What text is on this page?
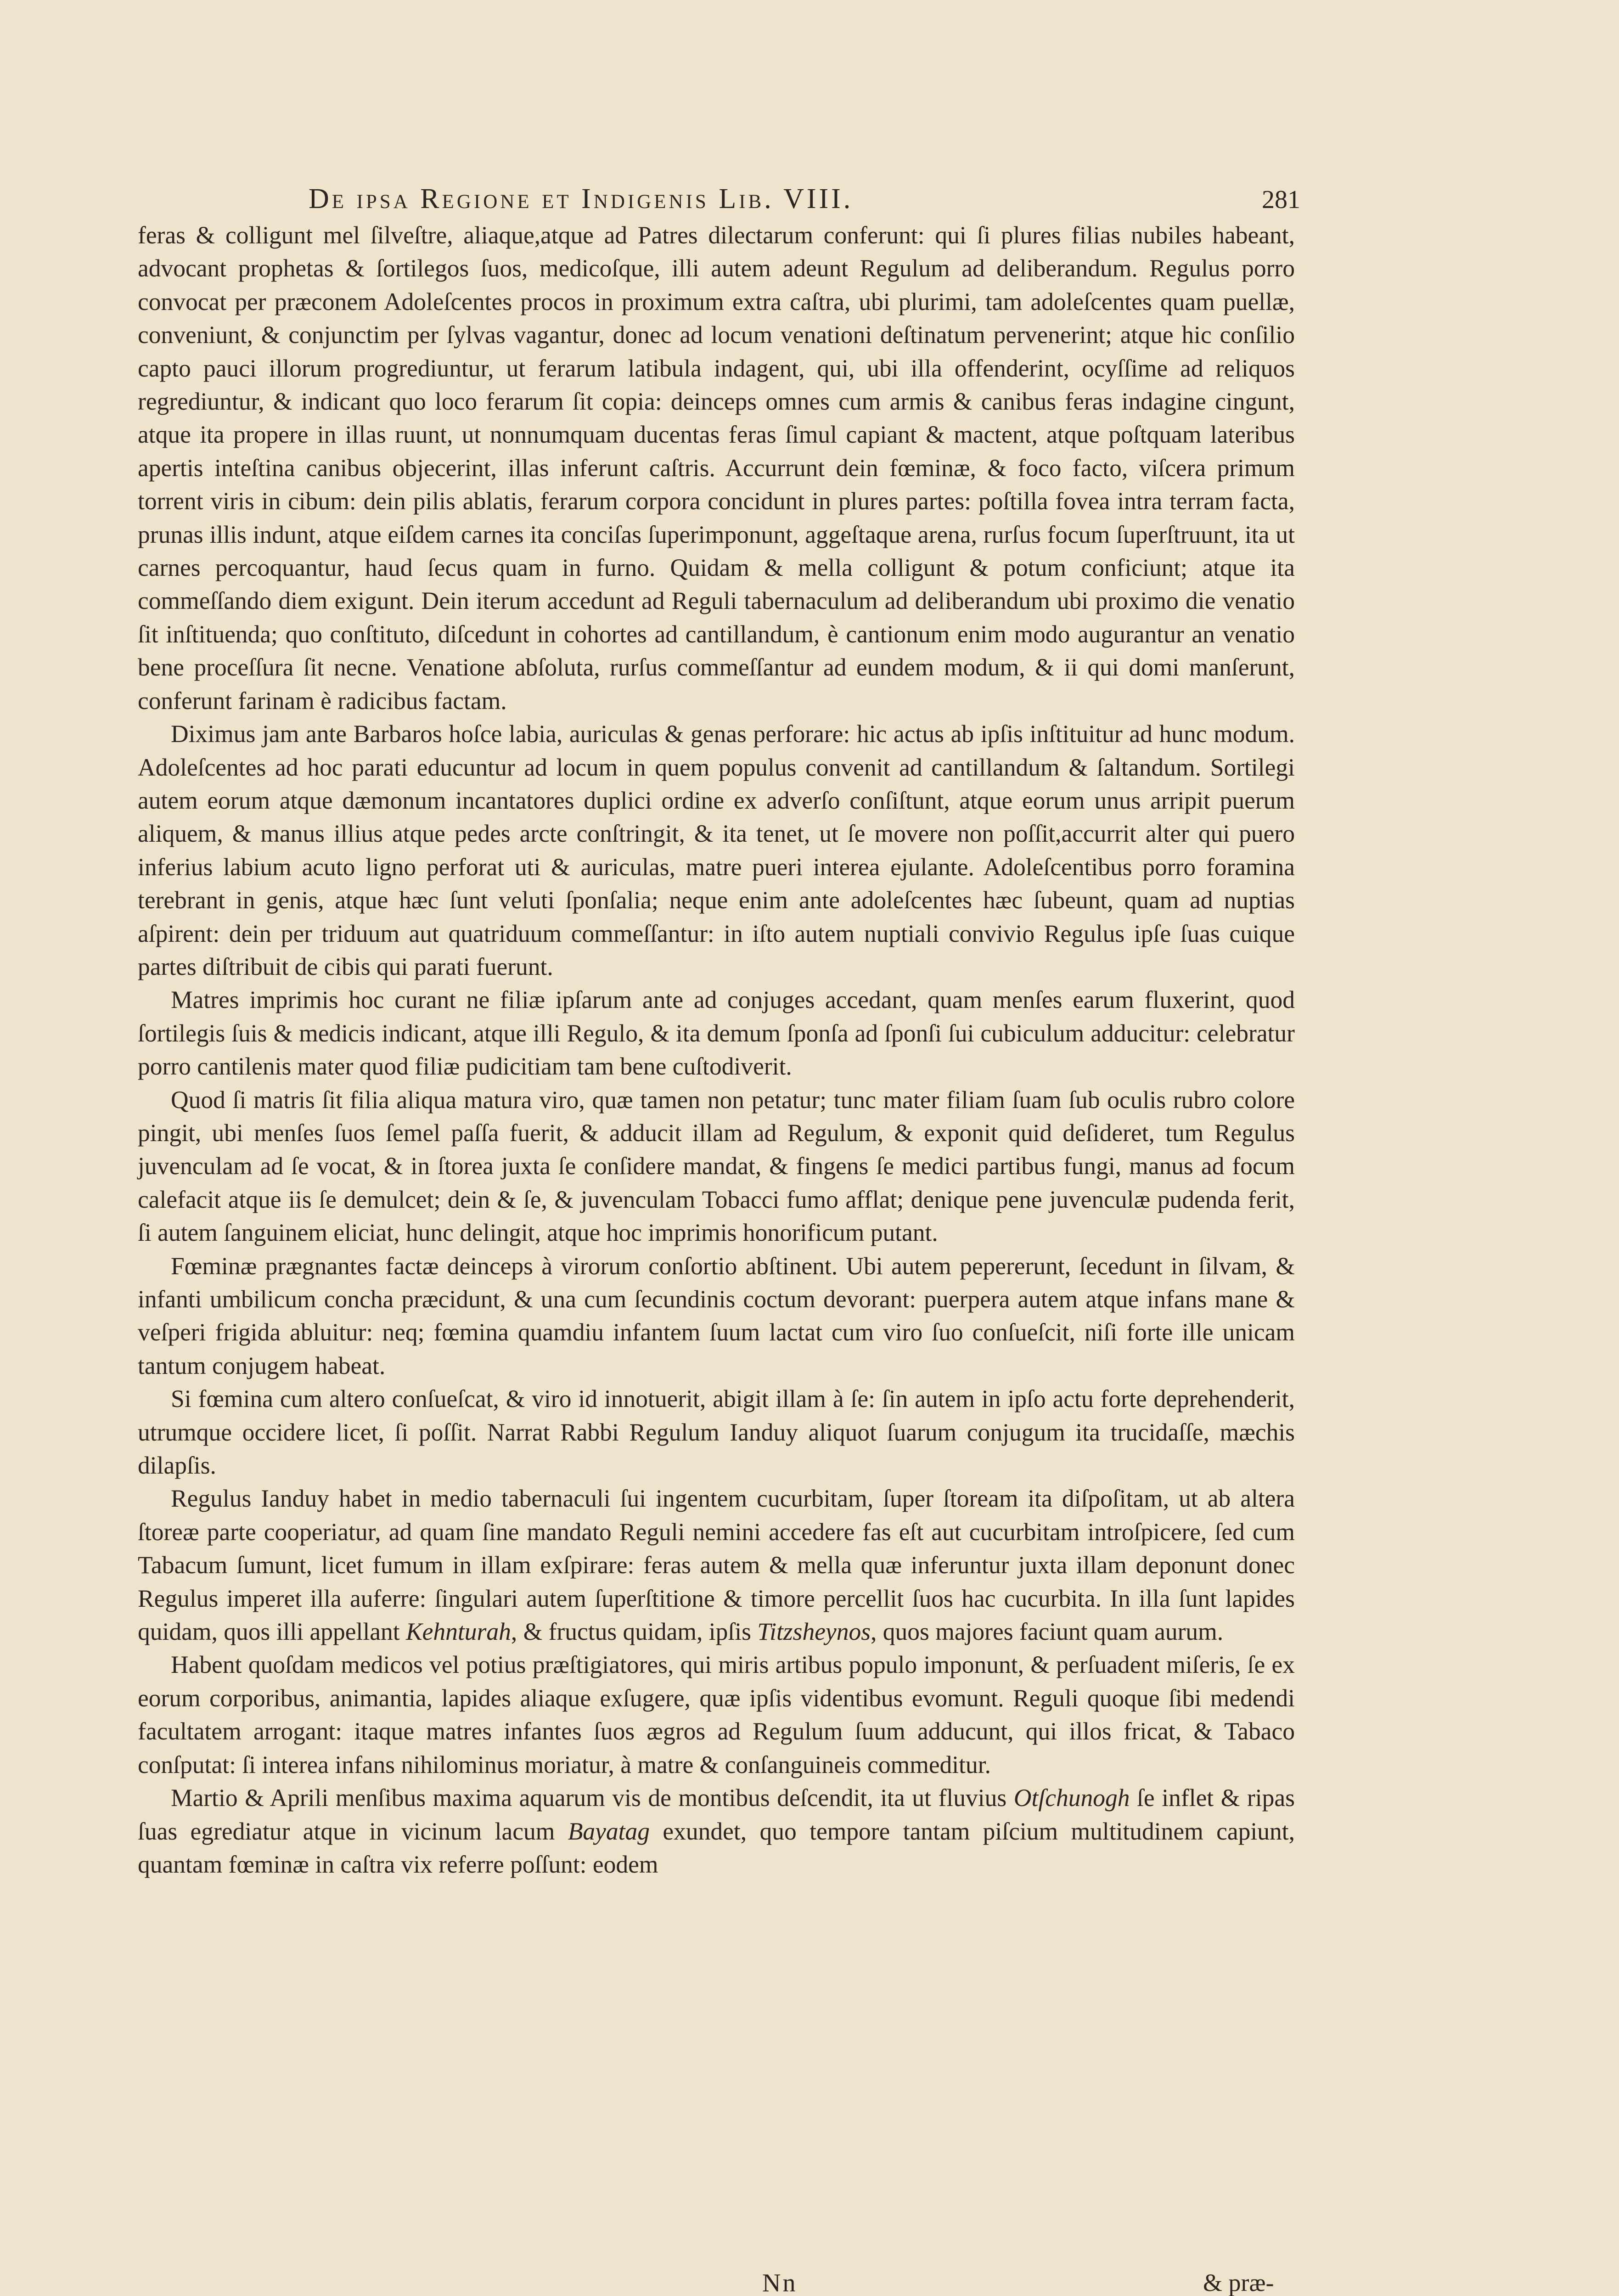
De ipsa Regione et Indigenis Lib. VIII.	281

feras & colligunt mel ſilveſtre, aliaque,atque ad Patres dilectarum conferunt: qui ſi plures filias nubiles habeant, advocant prophetas & ſortilegos ſuos, medicoſque, illi autem adeunt Regulum ad deliberandum. Regulus porro convocat per præconem Adoleſcentes procos in proximum extra caſtra, ubi plurimi, tam adoleſcentes quam puellæ, conveniunt, & conjunctim per ſylvas vagantur, donec ad locum venationi deſtinatum pervenerint; atque hic conſilio capto pauci illorum progrediuntur, ut ferarum latibula indagent, qui, ubi illa offenderint, ocyſſime ad reliquos regrediuntur, & indicant quo loco ferarum ſit copia: deinceps omnes cum armis & canibus feras indagine cingunt, atque ita propere in illas ruunt, ut nonnumquam ducentas feras ſimul capiant & mactent, atque poſtquam lateribus apertis inteſtina canibus objecerint, illas inferunt caſtris. Accurrunt dein fœminæ, & foco facto, viſcera primum torrent viris in cibum: dein pilis ablatis, ferarum corpora concidunt in plures partes: poſtilla fovea intra terram facta, prunas illis indunt, atque eiſdem carnes ita conciſas ſuperimponunt, aggeſtaque arena, rurſus focum ſuperſtruunt, ita ut carnes percoquantur, haud ſecus quam in furno. Quidam & mella colligunt & potum conficiunt; atque ita commeſſando diem exigunt. Dein iterum accedunt ad Reguli tabernaculum ad deliberandum ubi proximo die venatio ſit inſtituenda; quo conſtituto, diſcedunt in cohortes ad cantillandum, è cantionum enim modo augurantur an venatio bene proceſſura ſit necne. Venatione abſoluta, rurſus commeſſantur ad eundem modum, & ii qui domi manſerunt, conferunt farinam è radicibus factam.

Diximus jam ante Barbaros hoſce labia, auriculas & genas perforare: hic actus ab ipſis inſtituitur ad hunc modum. Adoleſcentes ad hoc parati educuntur ad locum in quem populus convenit ad cantillandum & ſaltandum. Sortilegi autem eorum atque dæmonum incantatores duplici ordine ex adverſo conſiſtunt, atque eorum unus arripit puerum aliquem, & manus illius atque pedes arcte conſtringit, & ita tenet, ut ſe movere non poſſit,accurrit alter qui puero inferius labium acuto ligno perforat uti & auriculas, matre pueri interea ejulante. Adoleſcentibus porro foramina terebrant in genis, atque hæc ſunt veluti ſponſalia; neque enim ante adoleſcentes hæc ſubeunt, quam ad nuptias aſpirent: dein per triduum aut quatriduum commeſſantur: in iſto autem nuptiali convivio Regulus ipſe ſuas cuique partes diſtribuit de cibis qui parati fuerunt.

Matres imprimis hoc curant ne filiæ ipſarum ante ad conjuges accedant, quam menſes earum fluxerint, quod ſortilegis ſuis & medicis indicant, atque illi Regulo, & ita demum ſponſa ad ſponſi ſui cubiculum adducitur: celebratur porro cantilenis mater quod filiæ pudicitiam tam bene cuſtodiverit.

Quod ſi matris ſit filia aliqua matura viro, quæ tamen non petatur; tunc mater filiam ſuam ſub oculis rubro colore pingit, ubi menſes ſuos ſemel paſſa fuerit, & adducit illam ad Regulum, & exponit quid deſideret, tum Regulus juvenculam ad ſe vocat, & in ſtorea juxta ſe conſidere mandat, & fingens ſe medici partibus fungi, manus ad focum calefacit atque iis ſe demulcet; dein & ſe, & juvenculam Tobacci fumo afflat; denique pene juvenculæ pudenda ferit, ſi autem ſanguinem eliciat, hunc delingit, atque hoc imprimis honorificum putant.

Fœminæ prægnantes factæ deinceps à virorum conſortio abſtinent. Ubi autem pepererunt, ſecedunt in ſilvam, & infanti umbilicum concha præcidunt, & una cum ſecundinis coctum devorant: puerpera autem atque infans mane & veſperi frigida abluitur: neq; fœmina quamdiu infantem ſuum lactat cum viro ſuo conſueſcit, niſi forte ille unicam tantum conjugem habeat.

Si fœmina cum altero conſueſcat, & viro id innotuerit, abigit illam à ſe: ſin autem in ipſo actu forte deprehenderit, utrumque occidere licet, ſi poſſit. Narrat Rabbi Regulum Ianduy aliquot ſuarum conjugum ita trucidaſſe, mæchis dilapſis.

Regulus Ianduy habet in medio tabernaculi ſui ingentem cucurbitam, ſuper ſtoream ita diſpoſitam, ut ab altera ſtoreæ parte cooperiatur, ad quam ſine mandato Reguli nemini accedere fas eſt aut cucurbitam introſpicere, ſed cum Tabacum ſumunt, licet fumum in illam exſpirare: feras autem & mella quæ inferuntur juxta illam deponunt donec Regulus imperet illa auferre: ſingulari autem ſuperſtitione & timore percellit ſuos hac cucurbita. In illa ſunt lapides quidam, quos illi appellant Kehnturah, & fructus quidam, ipſis Titzsheynos, quos majores faciunt quam aurum.

Habent quoſdam medicos vel potius præſtigiatores, qui miris artibus populo imponunt, & perſuadent miſeris, ſe ex eorum corporibus, animantia, lapides aliaque exſugere, quæ ipſis videntibus evomunt. Reguli quoque ſibi medendi facultatem arrogant: itaque matres infantes ſuos ægros ad Regulum ſuum adducunt, qui illos fricat, & Tabaco conſputat: ſi interea infans nihilominus moriatur, à matre & conſanguineis commeditur.

Martio & Aprili menſibus maxima aquarum vis de montibus deſcendit, ita ut fluvius Otſchunogh ſe inflet & ripas ſuas egrediatur atque in vicinum lacum Bayatag exundet, quo tempore tantam piſcium multitudinem capiunt, quantam fœminæ in caſtra vix referre poſſunt: eodem

Nn	& præ-
